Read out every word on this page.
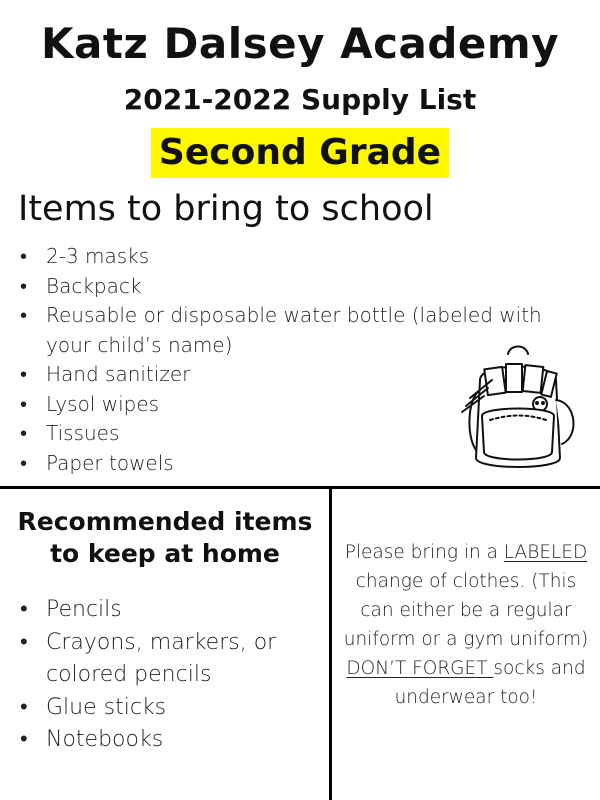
Katz Dalsey Academy
2021-2022 Supply List
Second Grade
Items to bring to school
• 2-3 masks
• Backpack
• Reusable or disposable water bottle (labeled with your child’s name)
• Hand sanitizer
• Lysol wipes
• Tissues
• Paper towels
Recommended items
to keep at home
• Pencils
• Crayons, markers, or colored pencils
• Glue sticks
• Notebooks

Please bring in a LABELED change of clothes. (This can either be a regular uniform or a gym uniform) DON’T FORGET socks and underwear too!
